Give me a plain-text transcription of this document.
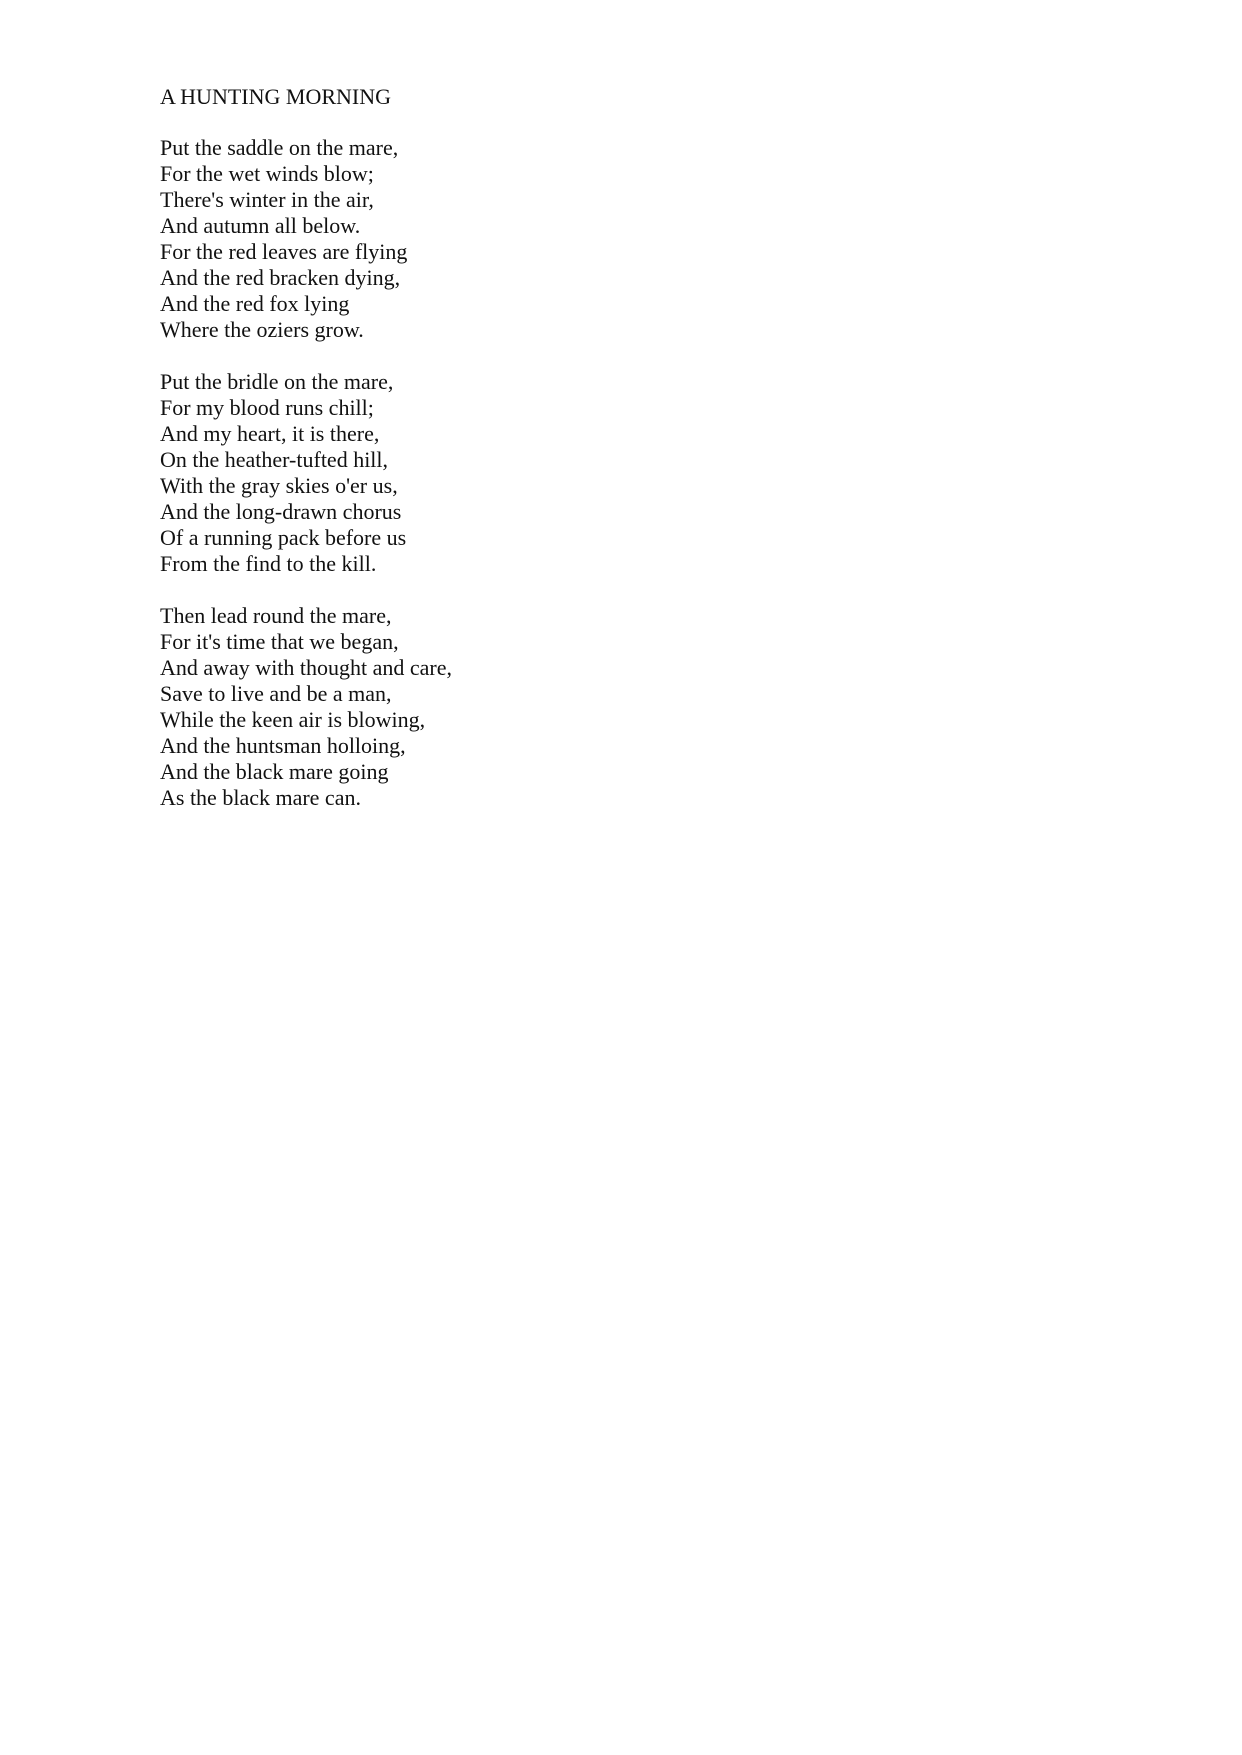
A HUNTING MORNING
Put the saddle on the mare,
For the wet winds blow;
There's winter in the air,
And autumn all below.
For the red leaves are flying
And the red bracken dying,
And the red fox lying
Where the oziers grow.
Put the bridle on the mare,
For my blood runs chill;
And my heart, it is there,
On the heather-tufted hill,
With the gray skies o'er us,
And the long-drawn chorus
Of a running pack before us
From the find to the kill.
Then lead round the mare,
For it's time that we began,
And away with thought and care,
Save to live and be a man,
While the keen air is blowing,
And the huntsman holloing,
And the black mare going
As the black mare can.
